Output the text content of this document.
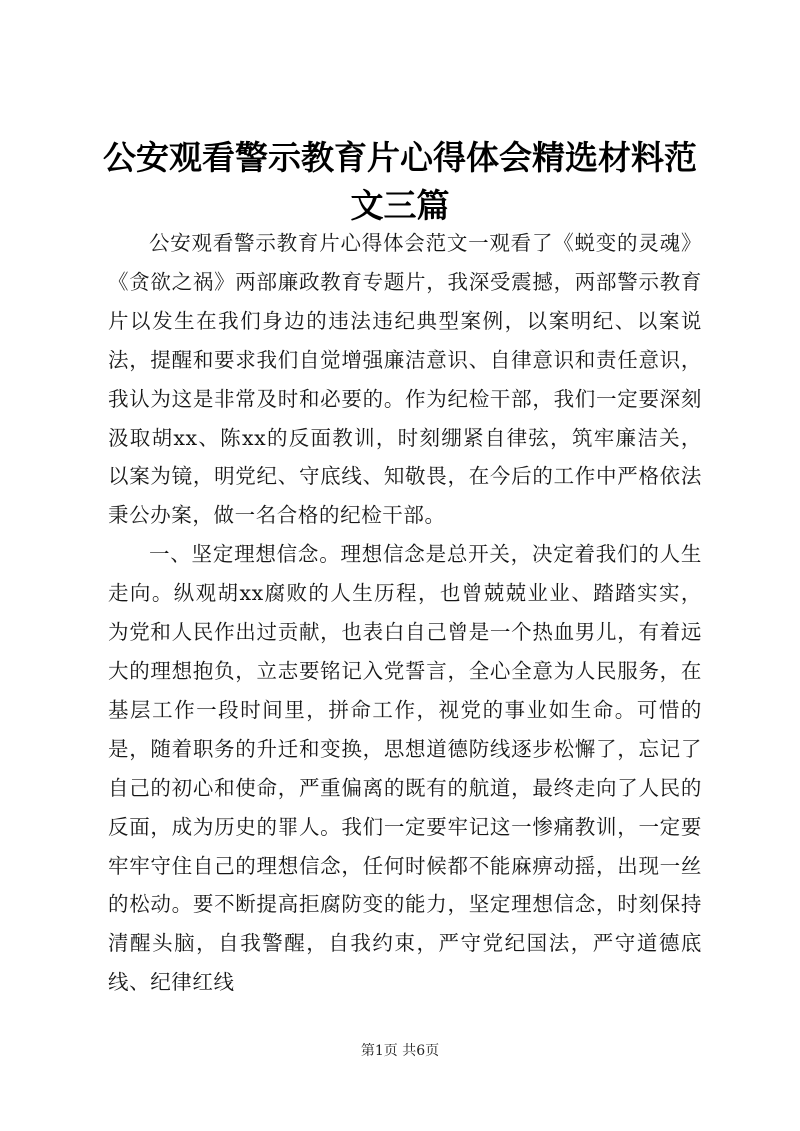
公安观看警示教育片心得体会精选材料范文三篇

公安观看警示教育片心得体会范文一观看了《蜕变的灵魂》《贪欲之祸》两部廉政教育专题片，我深受震撼，两部警示教育片以发生在我们身边的违法违纪典型案例，以案明纪、以案说法，提醒和要求我们自觉增强廉洁意识、自律意识和责任意识，我认为这是非常及时和必要的。作为纪检干部，我们一定要深刻汲取胡xx、陈xx的反面教训，时刻绷紧自律弦，筑牢廉洁关，以案为镜，明党纪、守底线、知敬畏，在今后的工作中严格依法秉公办案，做一名合格的纪检干部。

一、坚定理想信念。理想信念是总开关，决定着我们的人生走向。纵观胡xx腐败的人生历程，也曾兢兢业业、踏踏实实，为党和人民作出过贡献，也表白自己曾是一个热血男儿，有着远大的理想抱负，立志要铭记入党誓言，全心全意为人民服务，在基层工作一段时间里，拼命工作，视党的事业如生命。可惜的是，随着职务的升迁和变换，思想道德防线逐步松懈了，忘记了自己的初心和使命，严重偏离的既有的航道，最终走向了人民的反面，成为历史的罪人。我们一定要牢记这一惨痛教训，一定要牢牢守住自己的理想信念，任何时候都不能麻痹动摇，出现一丝的松动。要不断提高拒腐防变的能力，坚定理想信念，时刻保持清醒头脑，自我警醒，自我约束，严守党纪国法，严守道德底线、纪律红线

第1页 共6页
